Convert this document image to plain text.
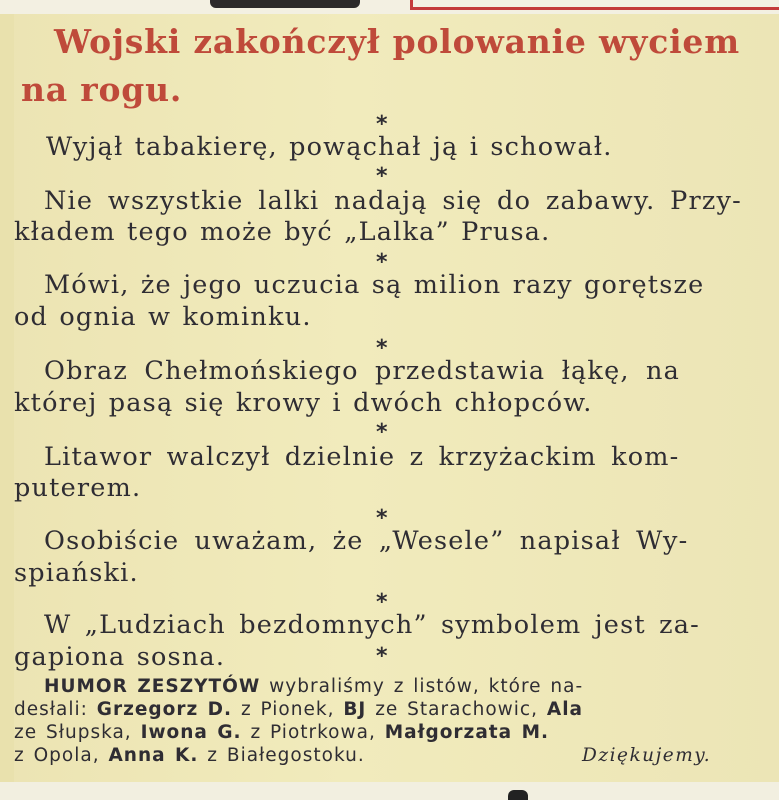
Wojski zakończył polowanie wyciem

na rogu.

*

Wyjął tabakierę, powąchał ją i schował.

*

Nie wszystkie lalki nadają się do zabawy. Przy-

kładem tego może być „Lalka” Prusa.

*

Mówi, że jego uczucia są milion razy gorętsze

od ognia w kominku.

*

Obraz Chełmońskiego przedstawia łąkę, na

której pasą się krowy i dwóch chłopców.

*

Litawor walczył dzielnie z krzyżackim kom-

puterem.

*

Osobiście uważam, że „Wesele” napisał Wy-

spiański.

*

W „Ludziach bezdomnych” symbolem jest za-

gapiona sosna.	*

HUMOR ZESZYTÓW wybraliśmy z listów, które na-

desłali: Grzegorz D. z Pionek, BJ ze Starachowic, Ala

ze Słupska, Iwona G. z Piotrkowa, Małgorzata M.

z Opola, Anna K. z Białegostoku.	Dziękujemy.
